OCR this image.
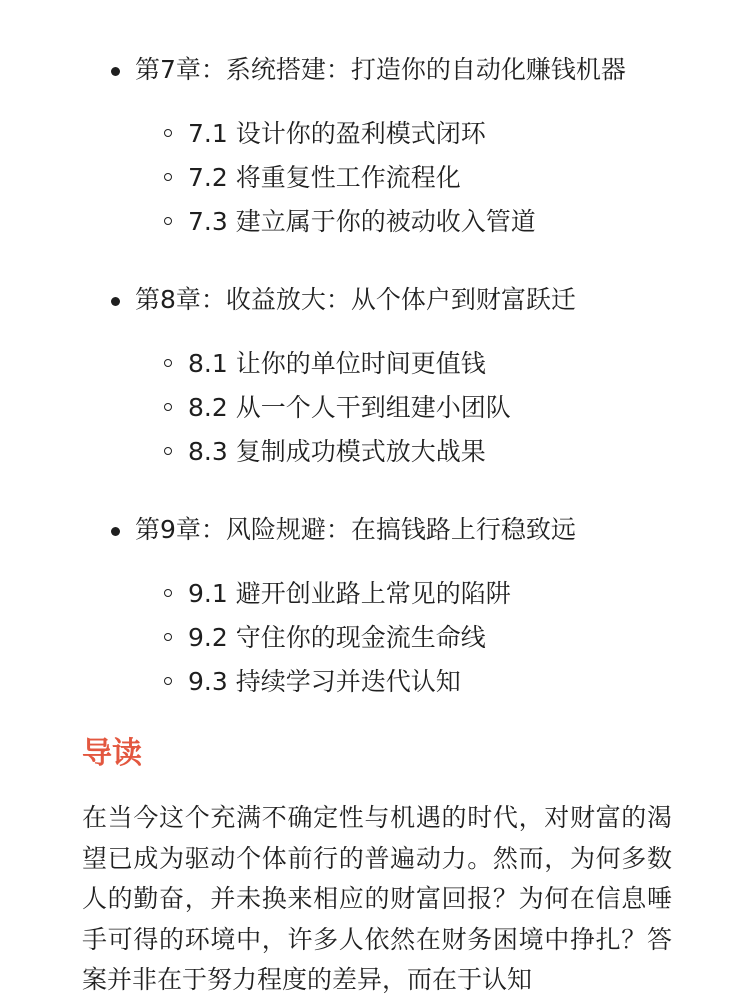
第7章：系统搭建：打造你的自动化赚钱机器
7.1 设计你的盈利模式闭环
7.2 将重复性工作流程化
7.3 建立属于你的被动收入管道
第8章：收益放大：从个体户到财富跃迁
8.1 让你的单位时间更值钱
8.2 从一个人干到组建小团队
8.3 复制成功模式放大战果
第9章：风险规避：在搞钱路上行稳致远
9.1 避开创业路上常见的陷阱
9.2 守住你的现金流生命线
9.3 持续学习并迭代认知
导读

在当今这个充满不确定性与机遇的时代，对财富的渴望已成为驱动个体前行的普遍动力。然而，为何多数人的勤奋，并未换来相应的财富回报？为何在信息唾手可得的环境中，许多人依然在财务困境中挣扎？答案并非在于努力程度的差异，而在于认知
